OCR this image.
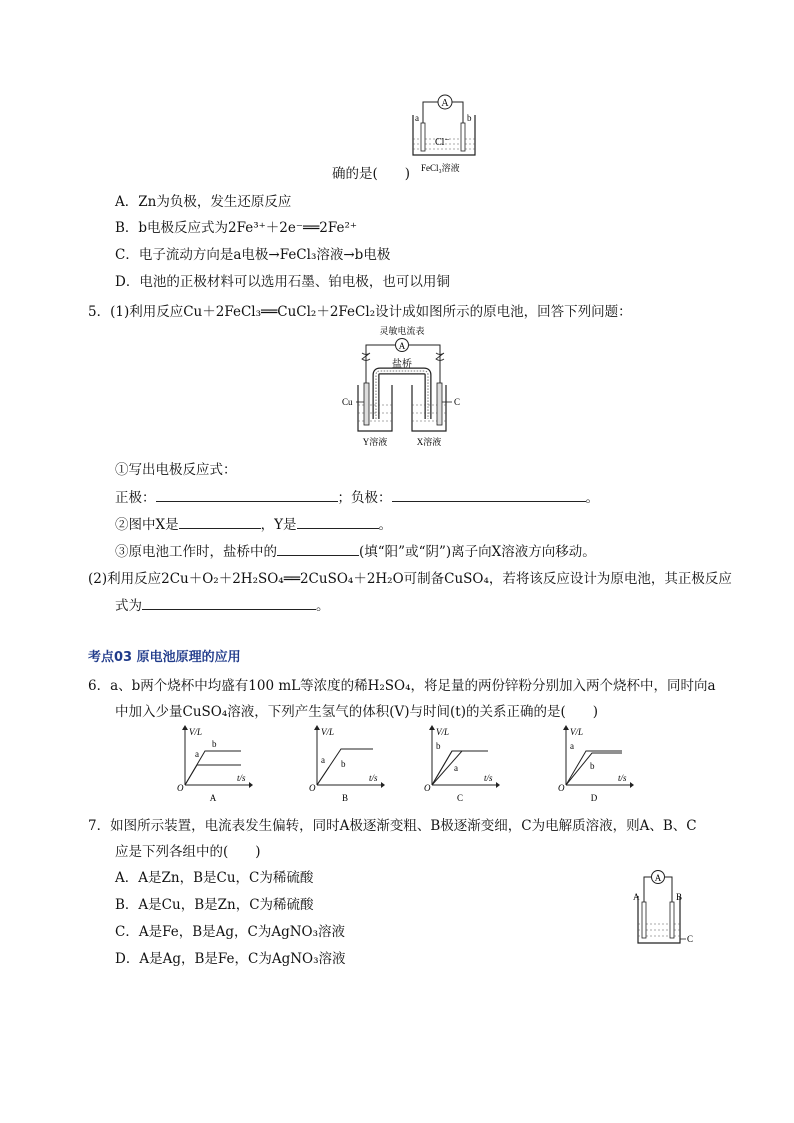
A
a	b
Cl⁻
FeCl₃溶液
确的是(　　)
A．Zn为负极，发生还原反应
B．b电极反应式为2Fe³⁺＋2e⁻══2Fe²⁺
C．电子流动方向是a电极→FeCl₃溶液→b电极
D．电池的正极材料可以选用石墨、铂电极，也可以用铜
5．(1)利用反应Cu＋2FeCl₃══CuCl₂＋2FeCl₂设计成如图所示的原电池，回答下列问题：
灵敏电流表
A
盐桥
Cu	C
Y溶液	X溶液
①写出电极反应式：
正极：	；负极：	。
②图中X是	，Y是	。
③原电池工作时，盐桥中的	(填“阳”或“阴”)离子向X溶液方向移动。
(2)利用反应2Cu＋O₂＋2H₂SO₄══2CuSO₄＋2H₂O可制备CuSO₄，若将该反应设计为原电池，其正极反应
式为	。
考点03 原电池原理的应用
6．a、b两个烧杯中均盛有100 mL等浓度的稀H₂SO₄，将足量的两份锌粉分别加入两个烧杯中，同时向a
中加入少量CuSO₄溶液，下列产生氢气的体积(V)与时间(t)的关系正确的是(　　)
V/L
t/s
O
b
a
A
V/L
t/s
O
a b
B
V/L
t/s
O
b
a
C
V/L
t/s
O
a
b
D
7．如图所示装置，电流表发生偏转，同时A极逐渐变粗、B极逐渐变细，C为电解质溶液，则A、B、C
应是下列各组中的(　　)
A．A是Zn，B是Cu，C为稀硫酸
B．A是Cu，B是Zn，C为稀硫酸
C．A是Fe，B是Ag，C为AgNO₃溶液
D．A是Ag，B是Fe，C为AgNO₃溶液
A
A	B
C
